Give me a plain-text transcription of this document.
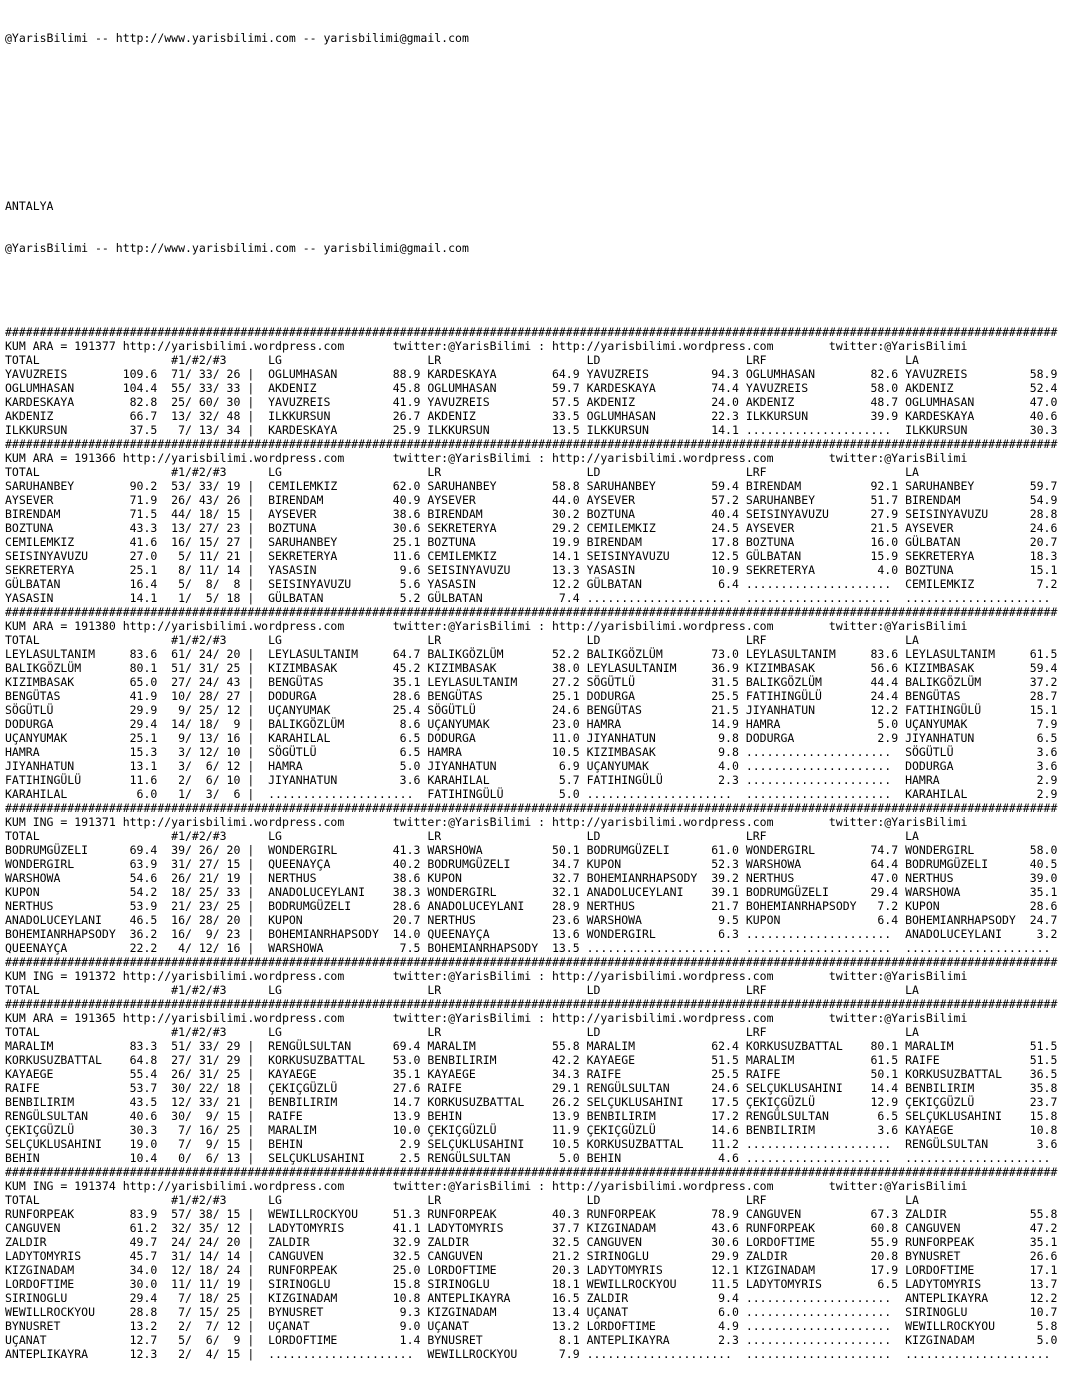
@YarisBilimi -- http://www.yarisbilimi.com -- yarisbilimi@gmail.com

ANTALYA

@YarisBilimi -- http://www.yarisbilimi.com -- yarisbilimi@gmail.com

########################################################################################################################################################
KUM ARA = 191377 http://yarisbilimi.wordpress.com       twitter:@YarisBilimi : http://yarisbilimi.wordpress.com        twitter:@YarisBilimi
TOTAL                   #1/#2/#3      LG                     LR                     LD                     LRF                    LA
YAVUZREIS        109.6  71/ 33/ 26 |  OGLUMHASAN        88.9 KARDESKAYA        64.9 YAVUZREIS         94.3 OGLUMHASAN        82.6 YAVUZREIS         58.9
OGLUMHASAN       104.4  55/ 33/ 33 |  AKDENIZ           45.8 OGLUMHASAN        59.7 KARDESKAYA        74.4 YAVUZREIS         58.0 AKDENIZ           52.4
KARDESKAYA        82.8  25/ 60/ 30 |  YAVUZREIS         41.9 YAVUZREIS         57.5 AKDENIZ           24.0 AKDENIZ           48.7 OGLUMHASAN        47.0
AKDENIZ           66.7  13/ 32/ 48 |  ILKKURSUN         26.7 AKDENIZ           33.5 OGLUMHASAN        22.3 ILKKURSUN         39.9 KARDESKAYA        40.6
ILKKURSUN         37.5   7/ 13/ 34 |  KARDESKAYA        25.9 ILKKURSUN         13.5 ILKKURSUN         14.1 .....................  ILKKURSUN         30.3
########################################################################################################################################################
KUM ARA = 191366 http://yarisbilimi.wordpress.com       twitter:@YarisBilimi : http://yarisbilimi.wordpress.com        twitter:@YarisBilimi
TOTAL                   #1/#2/#3      LG                     LR                     LD                     LRF                    LA
SARUHANBEY        90.2  53/ 33/ 19 |  CEMILEMKIZ        62.0 SARUHANBEY        58.8 SARUHANBEY        59.4 BIRENDAM          92.1 SARUHANBEY        59.7
AYSEVER           71.9  26/ 43/ 26 |  BIRENDAM          40.9 AYSEVER           44.0 AYSEVER           57.2 SARUHANBEY        51.7 BIRENDAM          54.9
BIRENDAM          71.5  44/ 18/ 15 |  AYSEVER           38.6 BIRENDAM          30.2 BOZTUNA           40.4 SEISINYAVUZU      27.9 SEISINYAVUZU      28.8
BOZTUNA           43.3  13/ 27/ 23 |  BOZTUNA           30.6 SEKRETERYA        29.2 CEMILEMKIZ        24.5 AYSEVER           21.5 AYSEVER           24.6
CEMILEMKIZ        41.6  16/ 15/ 27 |  SARUHANBEY        25.1 BOZTUNA           19.9 BIRENDAM          17.8 BOZTUNA           16.0 GÜLBATAN          20.7
SEISINYAVUZU      27.0   5/ 11/ 21 |  SEKRETERYA        11.6 CEMILEMKIZ        14.1 SEISINYAVUZU      12.5 GÜLBATAN          15.9 SEKRETERYA        18.3
SEKRETERYA        25.1   8/ 11/ 14 |  YASASIN            9.6 SEISINYAVUZU      13.3 YASASIN           10.9 SEKRETERYA         4.0 BOZTUNA           15.1
GÜLBATAN          16.4   5/  8/  8 |  SEISINYAVUZU       5.6 YASASIN           12.2 GÜLBATAN           6.4 .....................  CEMILEMKIZ         7.2
YASASIN           14.1   1/  5/ 18 |  GÜLBATAN           5.2 GÜLBATAN           7.4 .....................  .....................  .....................
########################################################################################################################################################
KUM ARA = 191380 http://yarisbilimi.wordpress.com       twitter:@YarisBilimi : http://yarisbilimi.wordpress.com        twitter:@YarisBilimi
TOTAL                   #1/#2/#3      LG                     LR                     LD                     LRF                    LA
LEYLASULTANIM     83.6  61/ 24/ 20 |  LEYLASULTANIM     64.7 BALIKGÖZLÜM       52.2 BALIKGÖZLÜM       73.0 LEYLASULTANIM     83.6 LEYLASULTANIM     61.5
BALIKGÖZLÜM       80.1  51/ 31/ 25 |  KIZIMBASAK        45.2 KIZIMBASAK        38.0 LEYLASULTANIM     36.9 KIZIMBASAK        56.6 KIZIMBASAK        59.4
KIZIMBASAK        65.0  27/ 24/ 43 |  BENGÜTAS          35.1 LEYLASULTANIM     27.2 SÖGÜTLÜ           31.5 BALIKGÖZLÜM       44.4 BALIKGÖZLÜM       37.2
BENGÜTAS          41.9  10/ 28/ 27 |  DODURGA           28.6 BENGÜTAS          25.1 DODURGA           25.5 FATIHINGÜLÜ       24.4 BENGÜTAS          28.7
SÖGÜTLÜ           29.9   9/ 25/ 12 |  UÇANYUMAK         25.4 SÖGÜTLÜ           24.6 BENGÜTAS          21.5 JIYANHATUN        12.2 FATIHINGÜLÜ       15.1
DODURGA           29.4  14/ 18/  9 |  BALIKGÖZLÜM        8.6 UÇANYUMAK         23.0 HAMRA             14.9 HAMRA              5.0 UÇANYUMAK          7.9
UÇANYUMAK         25.1   9/ 13/ 16 |  KARAHILAL          6.5 DODURGA           11.0 JIYANHATUN         9.8 DODURGA            2.9 JIYANHATUN         6.5
HAMRA             15.3   3/ 12/ 10 |  SÖGÜTLÜ            6.5 HAMRA             10.5 KIZIMBASAK         9.8 .....................  SÖGÜTLÜ            3.6
JIYANHATUN        13.1   3/  6/ 12 |  HAMRA              5.0 JIYANHATUN         6.9 UÇANYUMAK          4.0 .....................  DODURGA            3.6
FATIHINGÜLÜ       11.6   2/  6/ 10 |  JIYANHATUN         3.6 KARAHILAL          5.7 FATIHINGÜLÜ        2.3 .....................  HAMRA              2.9
KARAHILAL          6.0   1/  3/  6 |  .....................  FATIHINGÜLÜ        5.0 .....................  .....................  KARAHILAL          2.9
########################################################################################################################################################
KUM ING = 191371 http://yarisbilimi.wordpress.com       twitter:@YarisBilimi : http://yarisbilimi.wordpress.com        twitter:@YarisBilimi
TOTAL                   #1/#2/#3      LG                     LR                     LD                     LRF                    LA
BODRUMGÜZELI      69.4  39/ 26/ 20 |  WONDERGIRL        41.3 WARSHOWA          50.1 BODRUMGÜZELI      61.0 WONDERGIRL        74.7 WONDERGIRL        58.0
WONDERGIRL        63.9  31/ 27/ 15 |  QUEENAYÇA         40.2 BODRUMGÜZELI      34.7 KUPON             52.3 WARSHOWA          64.4 BODRUMGÜZELI      40.5
WARSHOWA          54.6  26/ 21/ 19 |  NERTHUS           38.6 KUPON             32.7 BOHEMIANRHAPSODY  39.2 NERTHUS           47.0 NERTHUS           39.0
KUPON             54.2  18/ 25/ 33 |  ANADOLUCEYLANI    38.3 WONDERGIRL        32.1 ANADOLUCEYLANI    39.1 BODRUMGÜZELI      29.4 WARSHOWA          35.1
NERTHUS           53.9  21/ 23/ 25 |  BODRUMGÜZELI      28.6 ANADOLUCEYLANI    28.9 NERTHUS           21.7 BOHEMIANRHAPSODY   7.2 KUPON             28.6
ANADOLUCEYLANI    46.5  16/ 28/ 20 |  KUPON             20.7 NERTHUS           23.6 WARSHOWA           9.5 KUPON              6.4 BOHEMIANRHAPSODY  24.7
BOHEMIANRHAPSODY  36.2  16/  9/ 23 |  BOHEMIANRHAPSODY  14.0 QUEENAYÇA         13.6 WONDERGIRL         6.3 .....................  ANADOLUCEYLANI     3.2
QUEENAYÇA         22.2   4/ 12/ 16 |  WARSHOWA           7.5 BOHEMIANRHAPSODY  13.5 .....................  .....................  .....................
########################################################################################################################################################
KUM ING = 191372 http://yarisbilimi.wordpress.com       twitter:@YarisBilimi : http://yarisbilimi.wordpress.com        twitter:@YarisBilimi
TOTAL                   #1/#2/#3      LG                     LR                     LD                     LRF                    LA
########################################################################################################################################################
KUM ARA = 191365 http://yarisbilimi.wordpress.com       twitter:@YarisBilimi : http://yarisbilimi.wordpress.com        twitter:@YarisBilimi
TOTAL                   #1/#2/#3      LG                     LR                     LD                     LRF                    LA
MARALIM           83.3  51/ 33/ 29 |  RENGÜLSULTAN      69.4 MARALIM           55.8 MARALIM           62.4 KORKUSUZBATTAL    80.1 MARALIM           51.5
KORKUSUZBATTAL    64.8  27/ 31/ 29 |  KORKUSUZBATTAL    53.0 BENBILIRIM        42.2 KAYAEGE           51.5 MARALIM           61.5 RAIFE             51.5
KAYAEGE           55.4  26/ 31/ 25 |  KAYAEGE           35.1 KAYAEGE           34.3 RAIFE             25.5 RAIFE             50.1 KORKUSUZBATTAL    36.5
RAIFE             53.7  30/ 22/ 18 |  ÇEKIÇGÜZLÜ        27.6 RAIFE             29.1 RENGÜLSULTAN      24.6 SELÇUKLUSAHINI    14.4 BENBILIRIM        35.8
BENBILIRIM        43.5  12/ 33/ 21 |  BENBILIRIM        14.7 KORKUSUZBATTAL    26.2 SELÇUKLUSAHINI    17.5 ÇEKIÇGÜZLÜ        12.9 ÇEKIÇGÜZLÜ        23.7
RENGÜLSULTAN      40.6  30/  9/ 15 |  RAIFE             13.9 BEHIN             13.9 BENBILIRIM        17.2 RENGÜLSULTAN       6.5 SELÇUKLUSAHINI    15.8
ÇEKIÇGÜZLÜ        30.3   7/ 16/ 25 |  MARALIM           10.0 ÇEKIÇGÜZLÜ        11.9 ÇEKIÇGÜZLÜ        14.6 BENBILIRIM         3.6 KAYAEGE           10.8
SELÇUKLUSAHINI    19.0   7/  9/ 15 |  BEHIN              2.9 SELÇUKLUSAHINI    10.5 KORKUSUZBATTAL    11.2 .....................  RENGÜLSULTAN       3.6
BEHIN             10.4   0/  6/ 13 |  SELÇUKLUSAHINI     2.5 RENGÜLSULTAN       5.0 BEHIN              4.6 .....................  .....................
########################################################################################################################################################
KUM ING = 191374 http://yarisbilimi.wordpress.com       twitter:@YarisBilimi : http://yarisbilimi.wordpress.com        twitter:@YarisBilimi
TOTAL                   #1/#2/#3      LG                     LR                     LD                     LRF                    LA
RUNFORPEAK        83.9  57/ 38/ 15 |  WEWILLROCKYOU     51.3 RUNFORPEAK        40.3 RUNFORPEAK        78.9 CANGUVEN          67.3 ZALDIR            55.8
CANGUVEN          61.2  32/ 35/ 12 |  LADYTOMYRIS       41.1 LADYTOMYRIS       37.7 KIZGINADAM        43.6 RUNFORPEAK        60.8 CANGUVEN          47.2
ZALDIR            49.7  24/ 24/ 20 |  ZALDIR            32.9 ZALDIR            32.5 CANGUVEN          30.6 LORDOFTIME        55.9 RUNFORPEAK        35.1
LADYTOMYRIS       45.7  31/ 14/ 14 |  CANGUVEN          32.5 CANGUVEN          21.2 SIRINOGLU         29.9 ZALDIR            20.8 BYNUSRET          26.6
KIZGINADAM        34.0  12/ 18/ 24 |  RUNFORPEAK        25.0 LORDOFTIME        20.3 LADYTOMYRIS       12.1 KIZGINADAM        17.9 LORDOFTIME        17.1
LORDOFTIME        30.0  11/ 11/ 19 |  SIRINOGLU         15.8 SIRINOGLU         18.1 WEWILLROCKYOU     11.5 LADYTOMYRIS        6.5 LADYTOMYRIS       13.7
SIRINOGLU         29.4   7/ 18/ 25 |  KIZGINADAM        10.8 ANTEPLIKAYRA      16.5 ZALDIR             9.4 .....................  ANTEPLIKAYRA      12.2
WEWILLROCKYOU     28.8   7/ 15/ 25 |  BYNUSRET           9.3 KIZGINADAM        13.4 UÇANAT             6.0 .....................  SIRINOGLU         10.7
BYNUSRET          13.2   2/  7/ 12 |  UÇANAT             9.0 UÇANAT            13.2 LORDOFTIME         4.9 .....................  WEWILLROCKYOU      5.8
UÇANAT            12.7   5/  6/  9 |  LORDOFTIME         1.4 BYNUSRET           8.1 ANTEPLIKAYRA       2.3 .....................  KIZGINADAM         5.0
ANTEPLIKAYRA      12.3   2/  4/ 15 |  .....................  WEWILLROCKYOU      7.9 .....................  .....................  .....................
